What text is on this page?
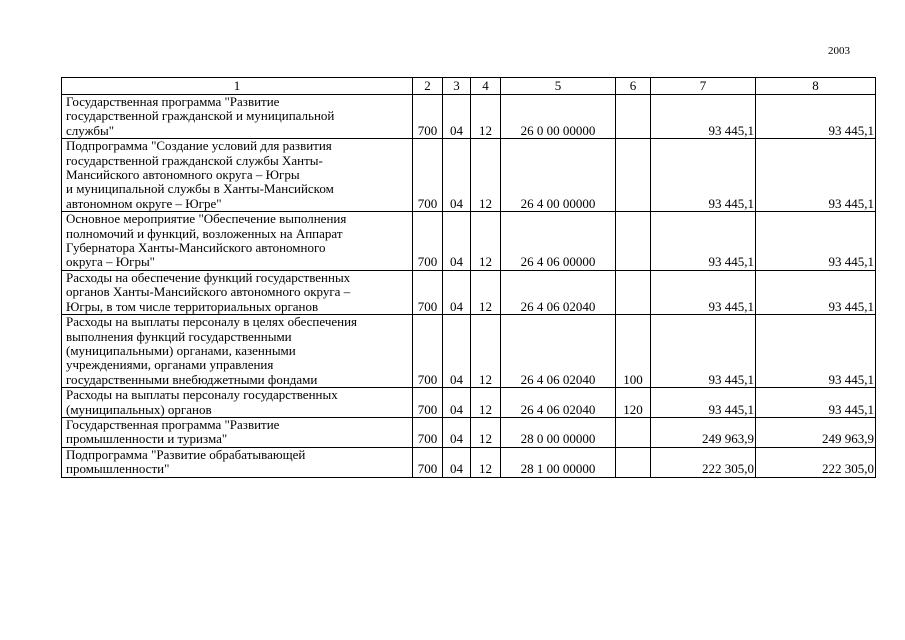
2003
1	2	3	4	5	6	7	8

Государственная программа "Развитие
государственной гражданской и муниципальной
службы"	700	04	12	26 0 00 00000		93 445,1	93 445,1

Подпрограмма "Создание условий для развития
государственной гражданской службы Ханты-
Мансийского автономного округа – Югры
и муниципальной службы в Ханты-Мансийском
автономном округе – Югре"	700	04	12	26 4 00 00000		93 445,1	93 445,1

Основное мероприятие "Обеспечение выполнения
полномочий и функций, возложенных на Аппарат
Губернатора Ханты-Мансийского автономного
округа – Югры"	700	04	12	26 4 06 00000		93 445,1	93 445,1

Расходы на обеспечение функций государственных
органов Ханты-Мансийского автономного округа –
Югры, в том числе территориальных органов	700	04	12	26 4 06 02040		93 445,1	93 445,1

Расходы на выплаты персоналу в целях обеспечения
выполнения функций государственными
(муниципальными) органами, казенными
учреждениями, органами управления
государственными внебюджетными фондами	700	04	12	26 4 06 02040	100	93 445,1	93 445,1

Расходы на выплаты персоналу государственных
(муниципальных) органов	700	04	12	26 4 06 02040	120	93 445,1	93 445,1

Государственная программа "Развитие
промышленности и туризма"	700	04	12	28 0 00 00000		249 963,9	249 963,9

Подпрограмма "Развитие обрабатывающей
промышленности"	700	04	12	28 1 00 00000		222 305,0	222 305,0
